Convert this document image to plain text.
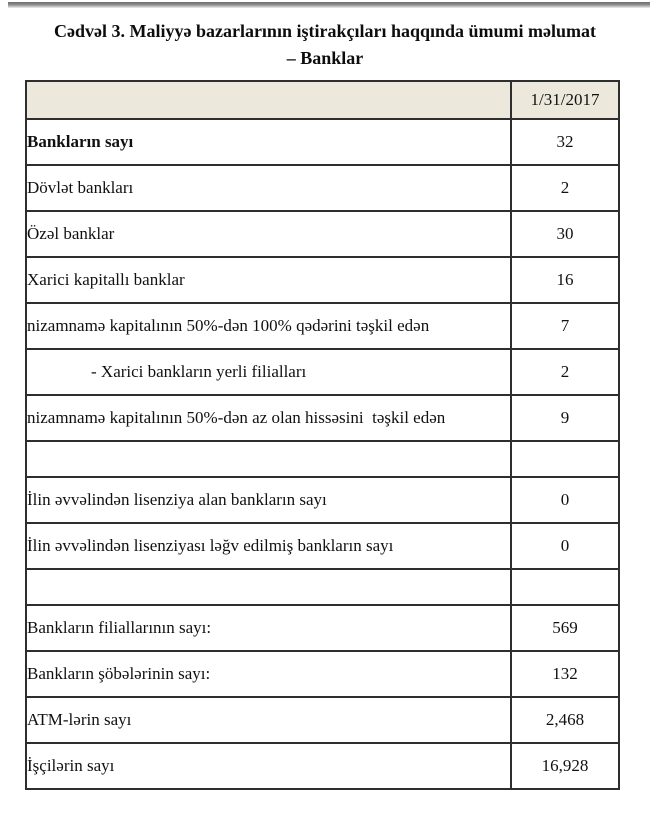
Cədvəl 3. Maliyyə bazarlarının iştirakçıları haqqında ümumi məlumat
– Banklar
	1/31/2017
Bankların sayı	32
Dövlət bankları	2
Özəl banklar	30
Xarici kapitallı banklar	16
nizamnamə kapitalının 50%-dən 100% qədərini təşkil edən	7
- Xarici bankların yerli filialları	2
nizamnamə kapitalının 50%-dən az olan hissəsini  təşkil edən	9

İlin əvvəlindən lisenziya alan bankların sayı	0
İlin əvvəlindən lisenziyası ləğv edilmiş bankların sayı	0

Bankların filiallarının sayı:	569
Bankların şöbələrinin sayı:	132
ATM-lərin sayı	2,468
İşçilərin sayı	16,928
